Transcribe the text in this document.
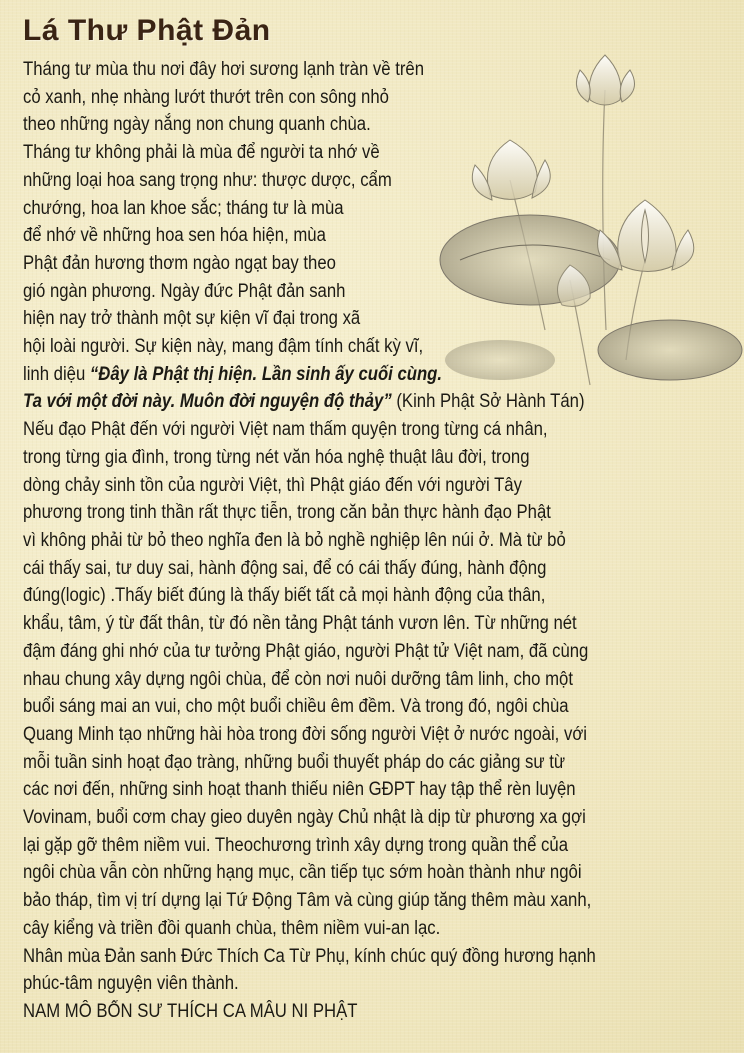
Lá Thư Phật Đản

Tháng tư mùa thu nơi đây hơi sương lạnh tràn về trên

cỏ xanh, nhẹ nhàng lướt thướt trên con sông nhỏ

theo những ngày nắng non chung quanh chùa.

Tháng tư không phải là mùa để người ta nhớ về

những loại hoa sang trọng như: thược dược, cẩm

chướng, hoa lan khoe sắc; tháng tư là mùa

để nhớ về những hoa sen hóa hiện, mùa

Phật đản hương thơm ngào ngạt bay theo

gió ngàn phương. Ngày đức Phật đản sanh

hiện nay trở thành một sự kiện vĩ đại trong xã

hội loài người. Sự kiện này, mang đậm tính chất kỳ vĩ,

linh diệu “Đây là Phật thị hiện. Lần sinh ấy cuối cùng.

Ta với một đời này. Muôn đời nguyện độ thảy” (Kinh Phật Sở Hành Tán)

Nếu đạo Phật đến với người Việt nam thấm quyện trong từng cá nhân,

trong từng gia đình, trong từng nét văn hóa nghệ thuật lâu đời, trong

dòng chảy sinh tồn của người Việt, thì Phật giáo đến với người Tây

phương trong tinh thần rất thực tiễn, trong căn bản thực hành đạo Phật

vì không phải từ bỏ theo nghĩa đen là bỏ nghề nghiệp lên núi ở. Mà từ bỏ

cái thấy sai, tư duy sai, hành động sai, để có cái thấy đúng, hành động

đúng(logic) .Thấy biết đúng là thấy biết tất cả mọi hành động của thân,

khẩu, tâm, ý từ đất thân, từ đó nền tảng Phật tánh vươn lên. Từ những nét

đậm đáng ghi nhớ của tư tưởng Phật giáo, người Phật tử Việt nam, đã cùng

nhau chung xây dựng ngôi chùa, để còn nơi nuôi dưỡng tâm linh, cho một

buổi sáng mai an vui, cho một buổi chiều êm đềm. Và trong đó, ngôi chùa

Quang Minh tạo những hài hòa trong đời sống người Việt ở nước ngoài, với

mỗi tuần sinh hoạt đạo tràng, những buổi thuyết pháp do các giảng sư từ

các nơi đến, những sinh hoạt thanh thiếu niên GĐPT hay tập thể rèn luyện

Vovinam, buổi cơm chay gieo duyên ngày Chủ nhật là dịp từ phương xa gợi

lại gặp gỡ thêm niềm vui. Theochương trình xây dựng trong quần thể của

ngôi chùa vẫn còn những hạng mục, cần tiếp tục sớm hoàn thành như ngôi

bảo tháp, tìm vị trí dựng lại Tứ Động Tâm và cùng giúp tăng thêm màu xanh,

cây kiểng và triền đồi quanh chùa, thêm niềm vui-an lạc.

Nhân mùa Đản sanh Đức Thích Ca Từ Phụ, kính chúc quý đồng hương hạnh

phúc-tâm nguyện viên thành.

NAM MÔ BỔN SƯ THÍCH CA MÂU NI PHẬT
